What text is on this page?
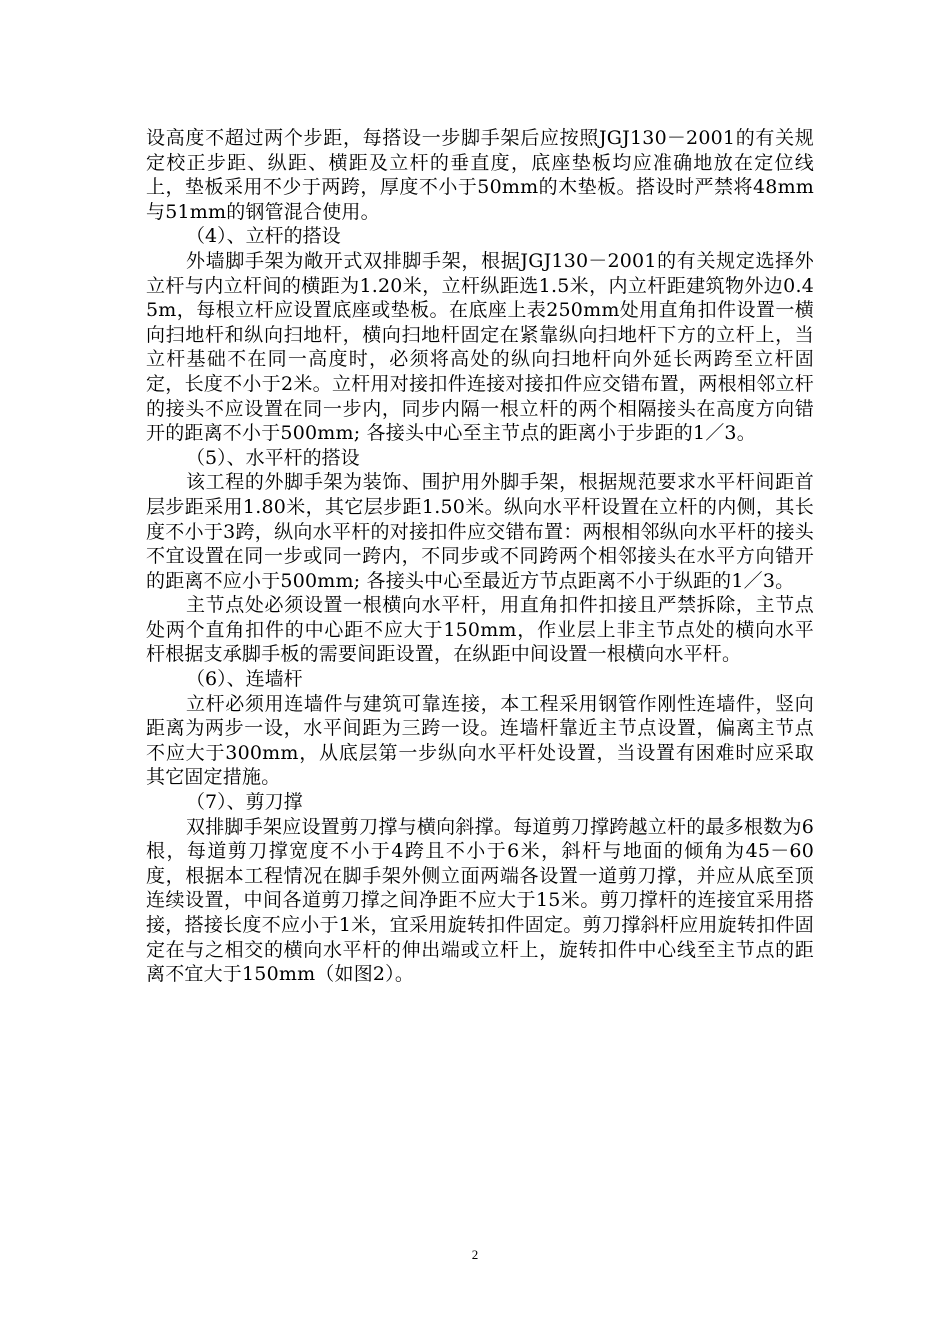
设高度不超过两个步距，每搭设一步脚手架后应按照JGJ130－2001的有关规定校正步距、纵距、横距及立杆的垂直度，底座垫板均应准确地放在定位线上，垫板采用不少于两跨，厚度不小于50mm的木垫板。搭设时严禁将48mm与51mm的钢管混合使用。

（4）、立杆的搭设

外墙脚手架为敞开式双排脚手架，根据JGJ130－2001的有关规定选择外立杆与内立杆间的横距为1.20米，立杆纵距选1.5米，内立杆距建筑物外边0.45m，每根立杆应设置底座或垫板。在底座上表250mm处用直角扣件设置一横向扫地杆和纵向扫地杆，横向扫地杆固定在紧靠纵向扫地杆下方的立杆上，当立杆基础不在同一高度时，必须将高处的纵向扫地杆向外延长两跨至立杆固定，长度不小于2米。立杆用对接扣件连接对接扣件应交错布置，两根相邻立杆的接头不应设置在同一步内，同步内隔一根立杆的两个相隔接头在高度方向错开的距离不小于500mm; 各接头中心至主节点的距离小于步距的1／3。

（5）、水平杆的搭设

该工程的外脚手架为装饰、围护用外脚手架，根据规范要求水平杆间距首层步距采用1.80米，其它层步距1.50米。纵向水平杆设置在立杆的内侧，其长度不小于3跨，纵向水平杆的对接扣件应交错布置：两根相邻纵向水平杆的接头不宜设置在同一步或同一跨内，不同步或不同跨两个相邻接头在水平方向错开的距离不应小于500mm; 各接头中心至最近方节点距离不小于纵距的1／3。

主节点处必须设置一根横向水平杆，用直角扣件扣接且严禁拆除，主节点处两个直角扣件的中心距不应大于150mm，作业层上非主节点处的横向水平杆根据支承脚手板的需要间距设置，在纵距中间设置一根横向水平杆。

（6）、连墙杆

立杆必须用连墙件与建筑可靠连接，本工程采用钢管作刚性连墙件，竖向距离为两步一设，水平间距为三跨一设。连墙杆靠近主节点设置，偏离主节点不应大于300mm，从底层第一步纵向水平杆处设置，当设置有困难时应采取其它固定措施。

（7）、剪刀撑

双排脚手架应设置剪刀撑与横向斜撑。每道剪刀撑跨越立杆的最多根数为6根，每道剪刀撑宽度不小于4跨且不小于6米，斜杆与地面的倾角为45－60度，根据本工程情况在脚手架外侧立面两端各设置一道剪刀撑，并应从底至顶连续设置，中间各道剪刀撑之间净距不应大于15米。剪刀撑杆的连接宜采用搭接，搭接长度不应小于1米，宜采用旋转扣件固定。剪刀撑斜杆应用旋转扣件固定在与之相交的横向水平杆的伸出端或立杆上，旋转扣件中心线至主节点的距离不宜大于150mm（如图2）。

2
